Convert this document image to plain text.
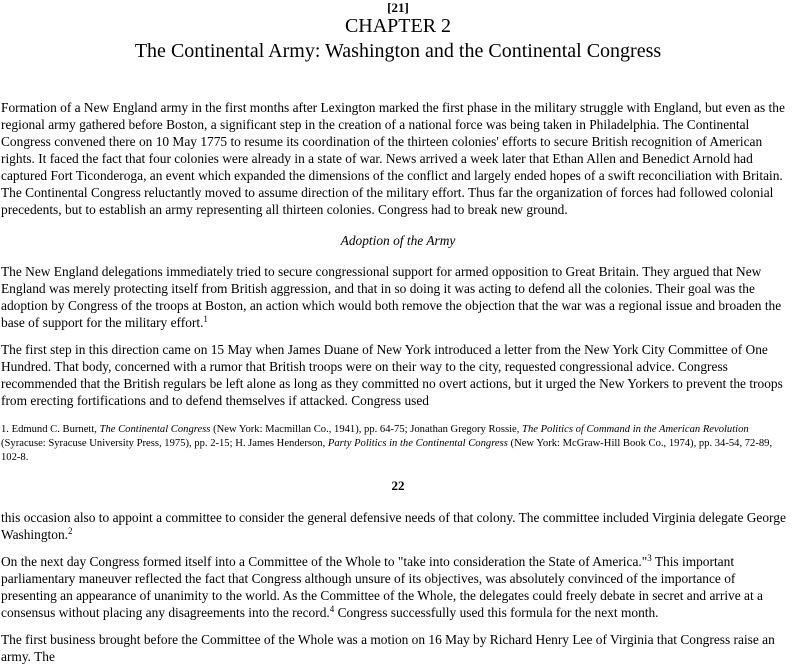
[21]

CHAPTER 2

The Continental Army: Washington and the Continental Congress

Formation of a New England army in the first months after Lexington marked the first phase in the military struggle with England, but even as the regional army gathered before Boston, a significant step in the creation of a national force was being taken in Philadelphia. The Continental Congress convened there on 10 May 1775 to resume its coordination of the thirteen colonies' efforts to secure British recognition of American rights. It faced the fact that four colonies were already in a state of war. News arrived a week later that Ethan Allen and Benedict Arnold had captured Fort Ticonderoga, an event which expanded the dimensions of the conflict and largely ended hopes of a swift reconciliation with Britain. The Continental Congress reluctantly moved to assume direction of the military effort. Thus far the organization of forces had followed colonial precedents, but to establish an army representing all thirteen colonies. Congress had to break new ground.

Adoption of the Army

The New England delegations immediately tried to secure congressional support for armed opposition to Great Britain. They argued that New England was merely protecting itself from British aggression, and that in so doing it was acting to defend all the colonies. Their goal was the adoption by Congress of the troops at Boston, an action which would both remove the objection that the war was a regional issue and broaden the base of support for the military effort.$^1$

The first step in this direction came on 15 May when James Duane of New York introduced a letter from the New York City Committee of One Hundred. That body, concerned with a rumor that British troops were on their way to the city, requested congressional advice. Congress recommended that the British regulars be left alone as long as they committed no overt actions, but it urged the New Yorkers to prevent the troops from erecting fortifications and to defend themselves if attacked. Congress used

1. Edmund C. Burnett, The Continental Congress (New York: Macmillan Co., 1941), pp. 64-75; Jonathan Gregory Rossie, The Politics of Command in the American Revolution (Syracuse: Syracuse University Press, 1975), pp. 2-15; H. James Henderson, Party Politics in the Continental Congress (New York: McGraw-Hill Book Co., 1974), pp. 34-54, 72-89, 102-8.

22

this occasion also to appoint a committee to consider the general defensive needs of that colony. The committee included Virginia delegate George Washington.$^2$

On the next day Congress formed itself into a Committee of the Whole to "take into consideration the State of America."$^3$ This important parliamentary maneuver reflected the fact that Congress although unsure of its objectives, was absolutely convinced of the importance of presenting an appearance of unanimity to the world. As the Committee of the Whole, the delegates could freely debate in secret and arrive at a consensus without placing any disagreements into the record.$^4$ Congress successfully used this formula for the next month.

The first business brought before the Committee of the Whole was a motion on 16 May by Richard Henry Lee of Virginia that Congress raise an army. The
